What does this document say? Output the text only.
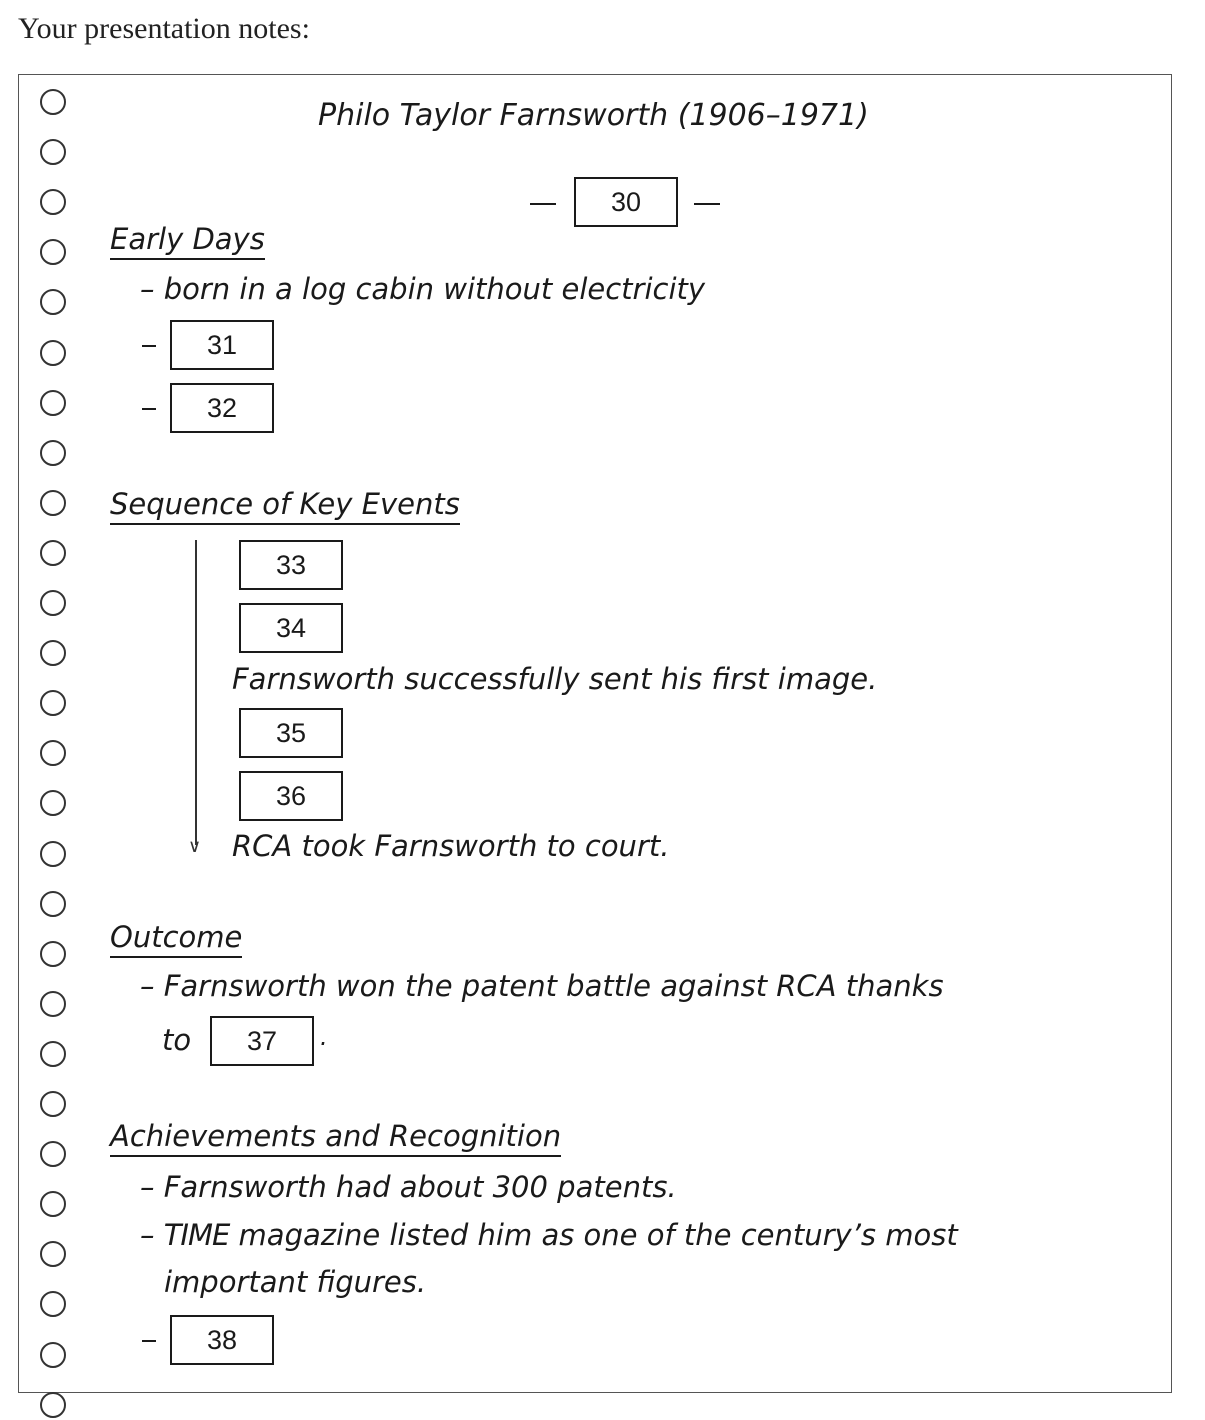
Your presentation notes:
Philo Taylor Farnsworth (1906–1971)
30
Early Days
– born in a log cabin without electricity
31
32
Sequence of Key Events
∨
33
34
Farnsworth successfully sent his first image.
35
36
RCA took Farnsworth to court.
Outcome
– Farnsworth won the patent battle against RCA thanks
to	37	.
Achievements and Recognition
– Farnsworth had about 300 patents.
– TIME magazine listed him as one of the century’s most
important figures.
38
